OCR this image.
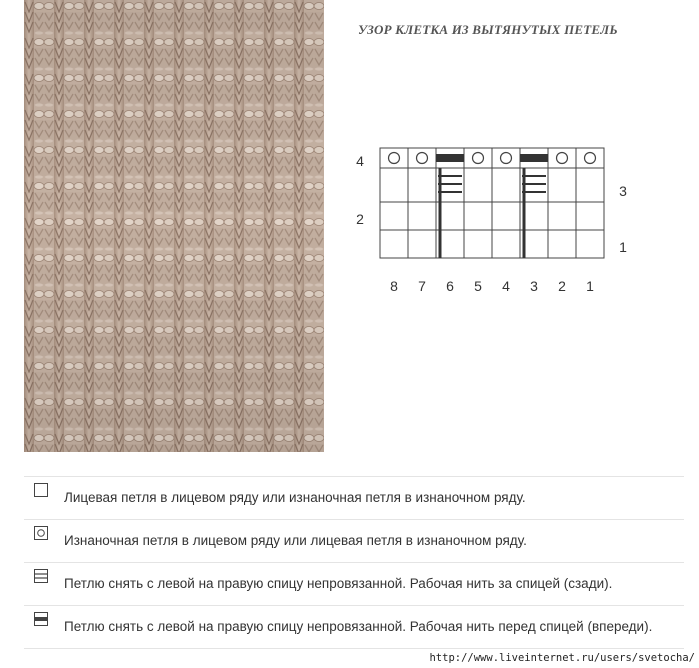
УЗОР КЛЕТКА ИЗ ВЫТЯНУТЫХ ПЕТЕЛЬ
4
2
3
1
8 7 6 5 4 3 2 1
Лицевая петля в лицевом ряду или изнаночная петля в изнаночном ряду.
Изнаночная петля в лицевом ряду или лицевая петля в изнаночном ряду.
Петлю снять с левой на правую спицу непровязанной. Рабочая нить за спицей (сзади).
Петлю снять с левой на правую спицу непровязанной. Рабочая нить перед спицей (впереди).
http://www.liveinternet.ru/users/svetocha/
